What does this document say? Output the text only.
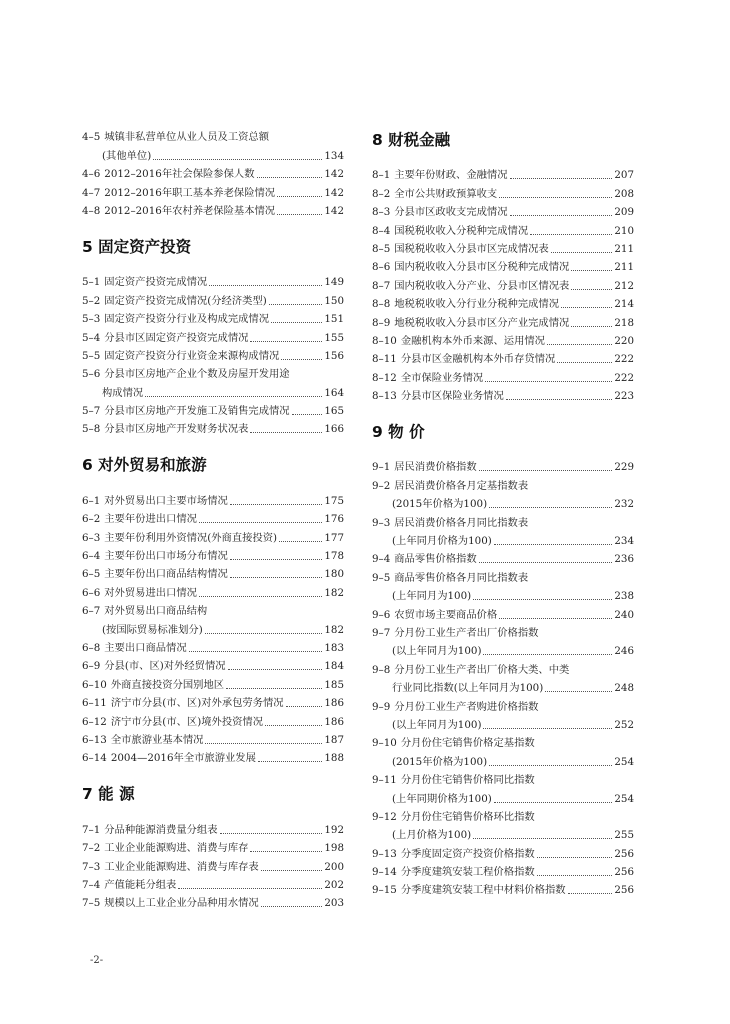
4–5 城镇非私营单位从业人员及工资总额
(其他单位)	134
4–6 2012–2016年社会保险参保人数	142
4–7 2012–2016年职工基本养老保险情况	142
4–8 2012–2016年农村养老保险基本情况	142
5 固定资产投资
5–1 固定资产投资完成情况	149
5–2 固定资产投资完成情况(分经济类型)	150
5–3 固定资产投资分行业及构成完成情况	151
5–4 分县市区固定资产投资完成情况	155
5–5 固定资产投资分行业资金来源构成情况	156
5–6 分县市区房地产企业个数及房屋开发用途
构成情况	164
5–7 分县市区房地产开发施工及销售完成情况	165
5–8 分县市区房地产开发财务状况表	166
6 对外贸易和旅游
6–1 对外贸易出口主要市场情况	175
6–2 主要年份进出口情况	176
6–3 主要年份利用外资情况(外商直接投资)	177
6–4 主要年份出口市场分布情况	178
6–5 主要年份出口商品结构情况	180
6–6 对外贸易进出口情况	182
6–7 对外贸易出口商品结构
(按国际贸易标准划分)	182
6–8 主要出口商品情况	183
6–9 分县(市、区)对外经贸情况	184
6–10 外商直接投资分国别地区	185
6–11 济宁市分县(市、区)对外承包劳务情况	186
6–12 济宁市分县(市、区)境外投资情况	186
6–13 全市旅游业基本情况	187
6–14 2004—2016年全市旅游业发展	188
7 能 源
7–1 分品种能源消费量分组表	192
7–2 工业企业能源购进、消费与库存	198
7–3 工业企业能源购进、消费与库存表	200
7–4 产值能耗分组表	202
7–5 规模以上工业企业分品种用水情况	203
8 财税金融
8–1 主要年份财政、金融情况	207
8–2 全市公共财政预算收支	208
8–3 分县市区政收支完成情况	209
8–4 国税税收收入分税种完成情况	210
8–5 国税税收收入分县市区完成情况表	211
8–6 国内税收收入分县市区分税种完成情况	211
8–7 国内税收收入分产业、分县市区情况表	212
8–8 地税税收收入分行业分税种完成情况	214
8–9 地税税收收入分县市区分产业完成情况	218
8–10 金融机构本外币来源、运用情况	220
8–11 分县市区金融机构本外币存贷情况	222
8–12 全市保险业务情况	222
8–13 分县市区保险业务情况	223
9 物 价
9–1 居民消费价格指数	229
9–2 居民消费价格各月定基指数表
(2015年价格为100)	232
9–3 居民消费价格各月同比指数表
(上年同月价格为100)	234
9–4 商品零售价格指数	236
9–5 商品零售价格各月同比指数表
(上年同月为100)	238
9–6 农贸市场主要商品价格	240
9–7 分月份工业生产者出厂价格指数
(以上年同月为100)	246
9–8 分月份工业生产者出厂价格大类、中类
行业同比指数(以上年同月为100)	248
9–9 分月份工业生产者购进价格指数
(以上年同月为100)	252
9–10 分月份住宅销售价格定基指数
(2015年价格为100)	254
9–11 分月份住宅销售价格同比指数
(上年同期价格为100)	254
9–12 分月份住宅销售价格环比指数
(上月价格为100)	255
9–13 分季度固定资产投资价格指数	256
9–14 分季度建筑安装工程价格指数	256
9–15 分季度建筑安装工程中材料价格指数	256
-2-
